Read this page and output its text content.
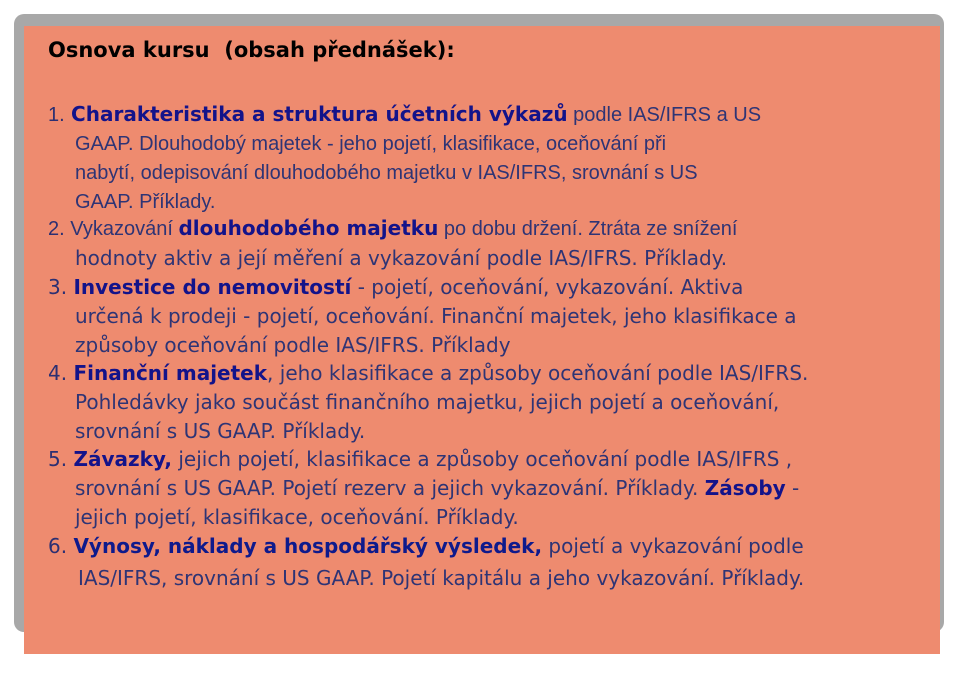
Osnova kursu  (obsah přednášek):
1. Charakteristika a struktura účetních výkazů podle IAS/IFRS a US
GAAP. Dlouhodobý majetek - jeho pojetí, klasifikace, oceňování při
nabytí, odepisování dlouhodobého majetku v IAS/IFRS, srovnání s US
GAAP. Příklady.
2. Vykazování dlouhodobého majetku po dobu držení. Ztráta ze snížení
hodnoty aktiv a její měření a vykazování podle IAS/IFRS. Příklady.
3. Investice do nemovitostí - pojetí, oceňování, vykazování. Aktiva
určená k prodeji - pojetí, oceňování. Finanční majetek, jeho klasifikace a
způsoby oceňování podle IAS/IFRS. Příklady
4. Finanční majetek, jeho klasifikace a způsoby oceňování podle IAS/IFRS.
Pohledávky jako součást finančního majetku, jejich pojetí a oceňování,
srovnání s US GAAP. Příklady.
5. Závazky, jejich pojetí, klasifikace a způsoby oceňování podle IAS/IFRS ,
srovnání s US GAAP. Pojetí rezerv a jejich vykazování. Příklady. Zásoby -
jejich pojetí, klasifikace, oceňování. Příklady.
6. Výnosy, náklady a hospodářský výsledek, pojetí a vykazování podle
IAS/IFRS, srovnání s US GAAP. Pojetí kapitálu a jeho vykazování. Příklady.
